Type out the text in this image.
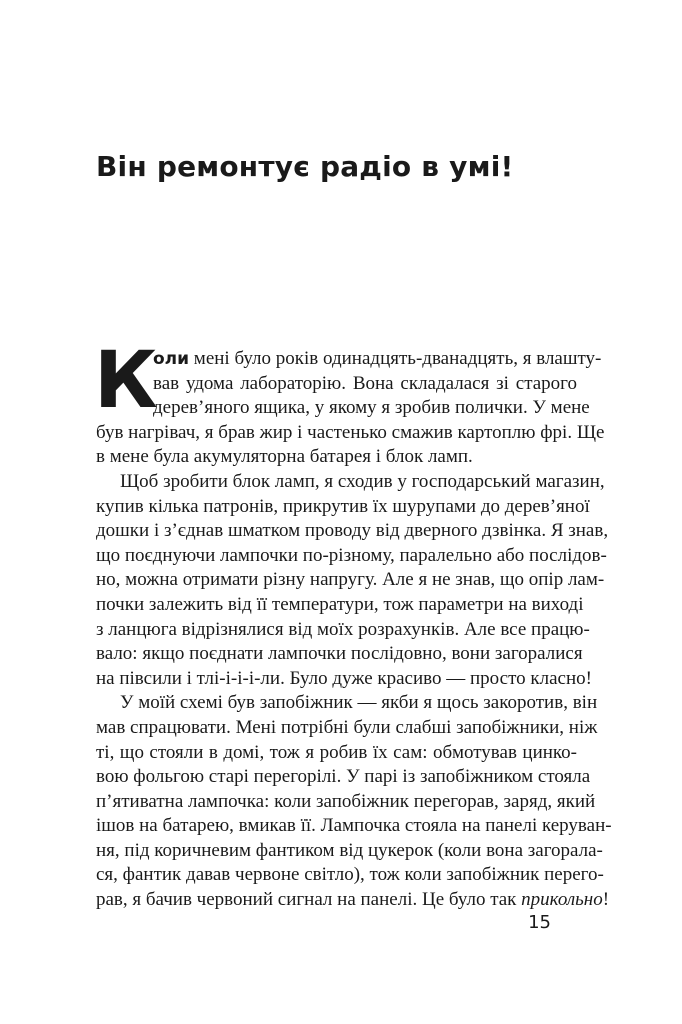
Він ремонтує радіо в умі!
К
оли мені було років одинадцять-дванадцять, я влашту-
вав удома лабораторію. Вона складалася зі старого
дерев’яного ящика, у якому я зробив полички. У мене
був нагрівач, я брав жир і частенько смажив картоплю фрі. Ще
в мене була акумуляторна батарея і блок ламп.
Щоб зробити блок ламп, я сходив у господарський магазин,
купив кілька патронів, прикрутив їх шурупами до дерев’яної
дошки і з’єднав шматком проводу від дверного дзвінка. Я знав,
що поєднуючи лампочки по-різному, паралельно або послідов-
но, можна отримати різну напругу. Але я не знав, що опір лам-
почки залежить від її температури, тож параметри на виході
з ланцюга відрізнялися від моїх розрахунків. Але все працю-
вало: якщо поєднати лампочки послідовно, вони загоралися
на півсили і тлі-і-і-і-ли. Було дуже красиво — просто класно!
У моїй схемі був запобіжник — якби я щось закоротив, він
мав спрацювати. Мені потрібні були слабші запобіжники, ніж
ті, що стояли в домі, тож я робив їх сам: обмотував цинко-
вою фольгою старі перегорілі. У парі із запобіжником стояла
п’ятиватна лампочка: коли запобіжник перегорав, заряд, який
ішов на батарею, вмикав її. Лампочка стояла на панелі керуван-
ня, під коричневим фантиком від цукерок (коли вона загорала-
ся, фантик давав червоне світло), тож коли запобіжник перего-
рав, я бачив червоний сигнал на панелі. Це було так прикольно!
15
